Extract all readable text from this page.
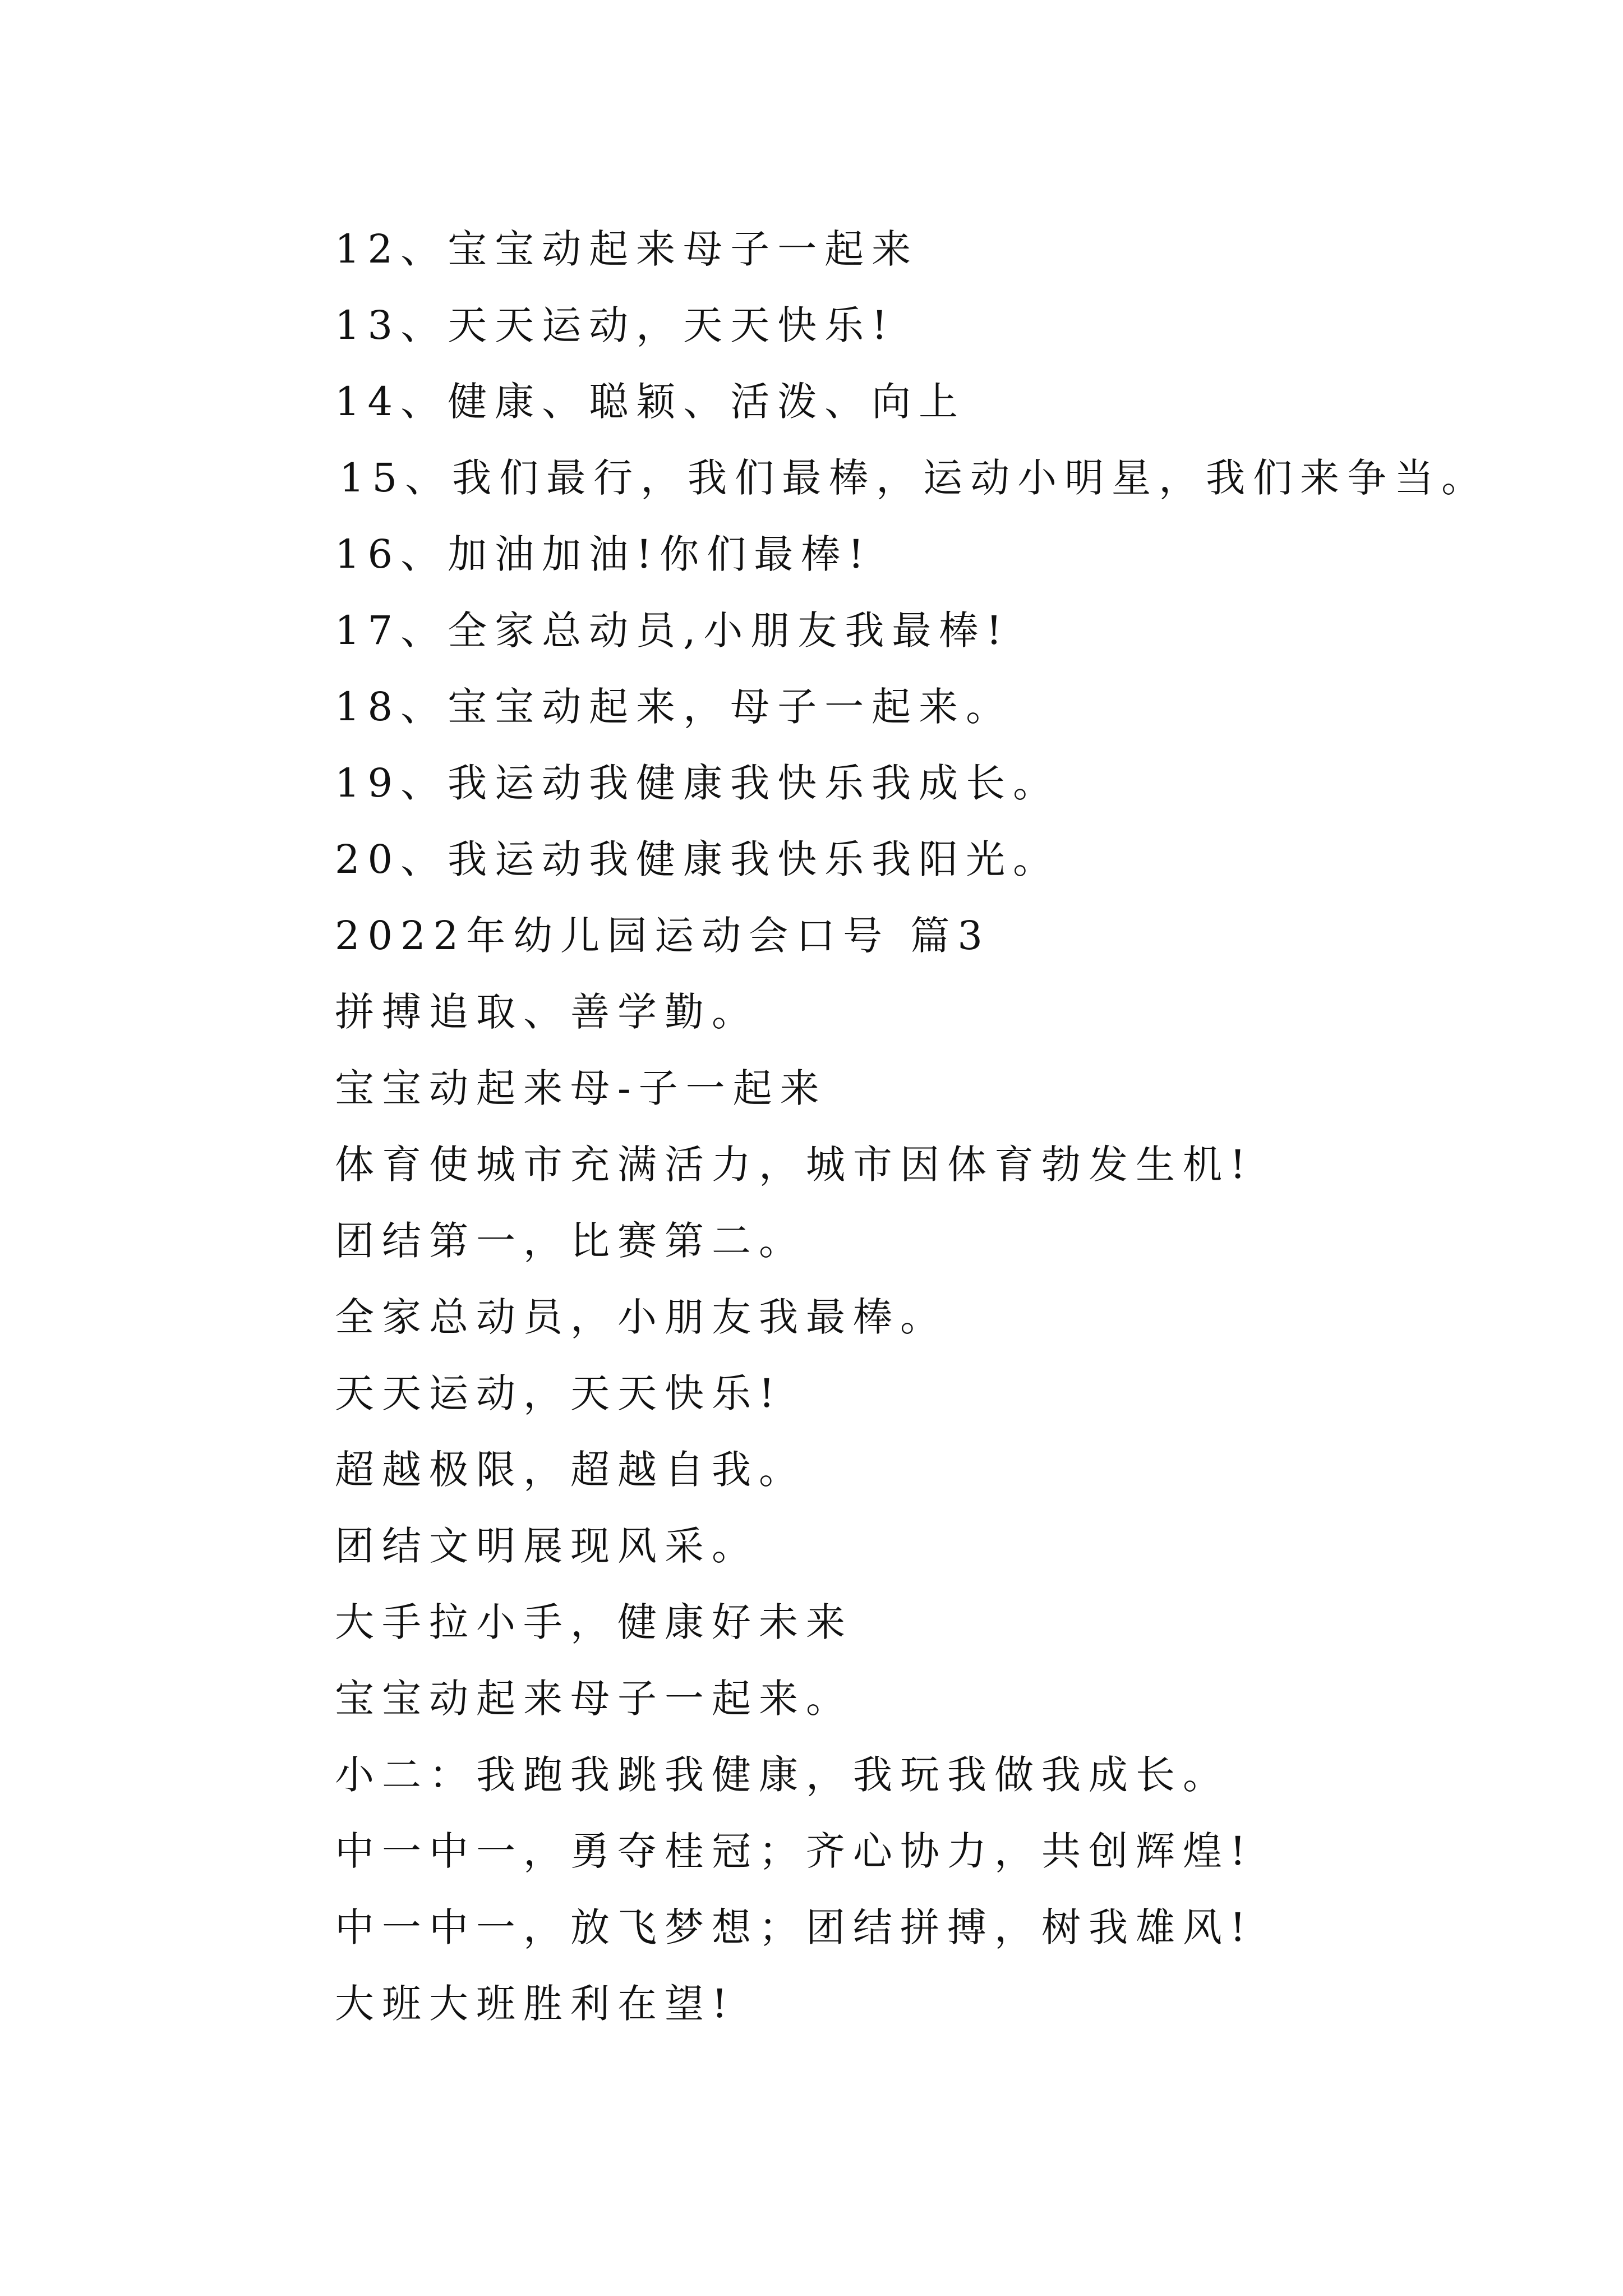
12、宝宝动起来母子一起来
13、天天运动，天天快乐!
14、健康、聪颖、活泼、向上
15、我们最行，我们最棒，运动小明星，我们来争当。
16、加油加油!你们最棒!
17、全家总动员,小朋友我最棒!
18、宝宝动起来，母子一起来。
19、我运动我健康我快乐我成长。
20、我运动我健康我快乐我阳光。
2022年幼儿园运动会口号 篇3
拼搏追取、善学勤。
宝宝动起来母-子一起来
体育使城市充满活力，城市因体育勃发生机!
团结第一，比赛第二。
全家总动员，小朋友我最棒。
天天运动，天天快乐!
超越极限，超越自我。
团结文明展现风采。
大手拉小手，健康好未来
宝宝动起来母子一起来。
小二：我跑我跳我健康，我玩我做我成长。
中一中一，勇夺桂冠；齐心协力，共创辉煌!
中一中一，放飞梦想；团结拼搏，树我雄风!
大班大班胜利在望!
